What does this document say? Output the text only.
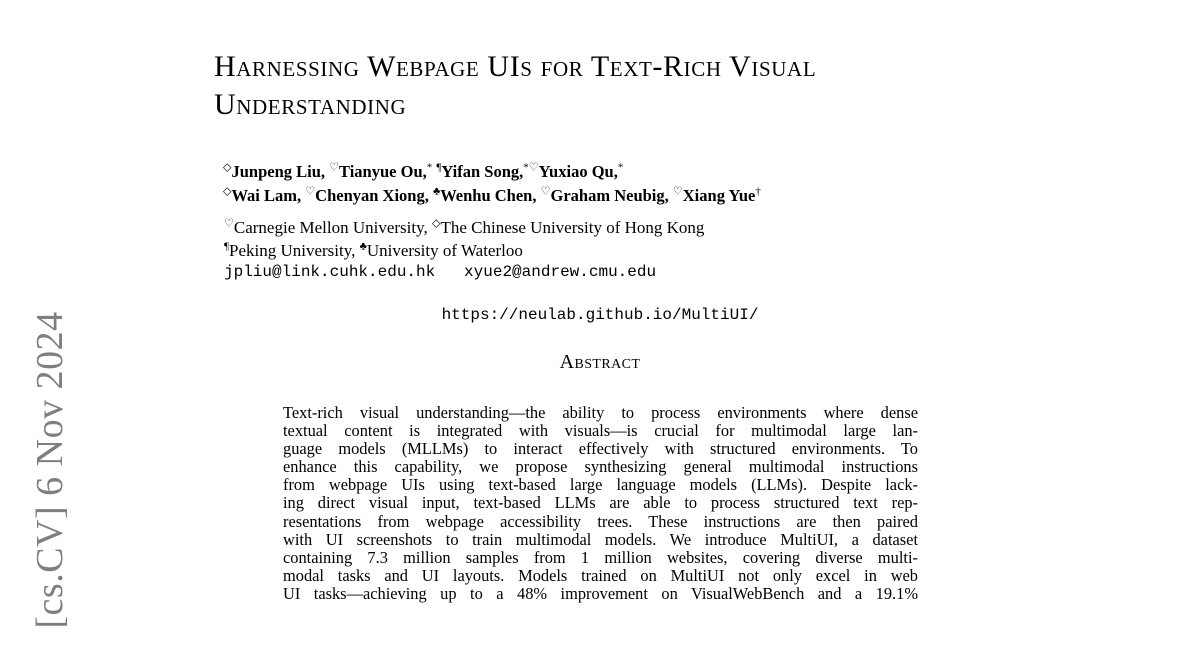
[cs.CV] 6 Nov 2024
Harnessing Webpage UIs for Text-Rich Visual
Understanding
◇Junpeng Liu, ♡Tianyue Ou,* ¶Yifan Song,*♡Yuxiao Qu,*
◇Wai Lam, ♡Chenyan Xiong, ♣Wenhu Chen, ♡Graham Neubig, ♡Xiang Yue†
♡Carnegie Mellon University, ◇The Chinese University of Hong Kong
¶Peking University, ♣University of Waterloo
jpliu@link.cuhk.edu.hk xyue2@andrew.cmu.edu
https://neulab.github.io/MultiUI/
Abstract
Text-rich visual understanding—the ability to process environments where dense
textual content is integrated with visuals—is crucial for multimodal large lan-
guage models (MLLMs) to interact effectively with structured environments. To
enhance this capability, we propose synthesizing general multimodal instructions
from webpage UIs using text-based large language models (LLMs). Despite lack-
ing direct visual input, text-based LLMs are able to process structured text rep-
resentations from webpage accessibility trees. These instructions are then paired
with UI screenshots to train multimodal models. We introduce MultiUI, a dataset
containing 7.3 million samples from 1 million websites, covering diverse multi-
modal tasks and UI layouts. Models trained on MultiUI not only excel in web
UI tasks—achieving up to a 48% improvement on VisualWebBench and a 19.1%
